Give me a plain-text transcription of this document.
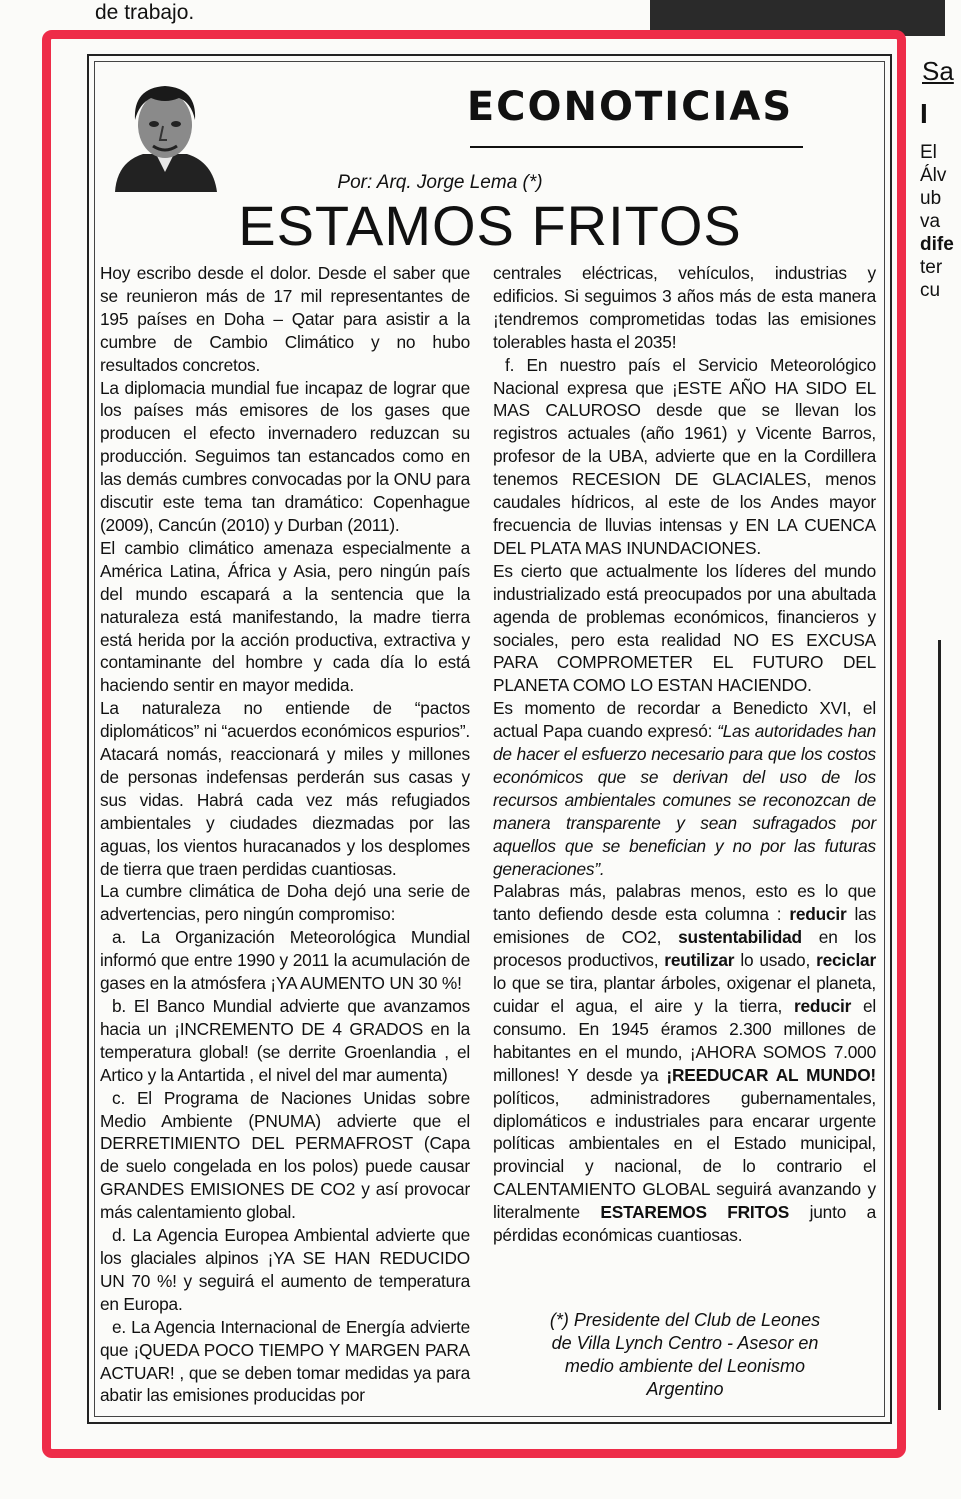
de trabajo.
Sa
I
El
Álv
ub
va
dife
ter
cu
ECONOTICIAS
Por: Arq. Jorge Lema (*)
ESTAMOS FRITOS

Hoy escribo desde el dolor. Desde el saber que se reunieron más de 17 mil representantes de 195 países en Doha – Qatar para asistir a la cumbre de Cambio Climático y no hubo resultados concretos.

La diplomacia mundial fue incapaz de lograr que los países más emisores de los gases que producen el efecto invernadero reduzcan su producción. Seguimos tan estancados como en las demás cumbres convocadas por la ONU para discutir este tema tan dramático: Copenhague (2009), Cancún (2010) y Durban (2011).

El cambio climático amenaza especialmente a América Latina, África y Asia, pero ningún país del mundo escapará a la sentencia que la naturaleza está manifestando, la madre tierra está herida por la acción productiva, extractiva y contaminante del hombre y cada día lo está haciendo sentir en mayor medida.

La naturaleza no entiende de “pactos diplomáticos” ni “acuerdos económicos espurios”. Atacará nomás, reaccionará y miles y millones de personas indefensas perderán sus casas y sus vidas. Habrá cada vez más refugiados ambientales y ciudades diezmadas por las aguas, los vientos huracanados y los desplomes de tierra que traen perdidas cuantiosas.

La cumbre climática de Doha dejó una serie de advertencias, pero ningún compromiso:

a. La Organización Meteorológica Mundial informó que entre 1990 y 2011 la acumulación de gases en la atmósfera ¡YA AUMENTO UN 30 %!

b. El Banco Mundial advierte que avanzamos hacia un ¡INCREMENTO DE 4 GRADOS en la temperatura global! (se derrite Groenlandia , el Artico y la Antartida , el nivel del mar aumenta)

c. El Programa de Naciones Unidas sobre Medio Ambiente (PNUMA) advierte que el DERRETIMIENTO DEL PERMAFROST (Capa de suelo congelada en los polos) puede causar GRANDES EMISIONES DE CO2 y así provocar más calentamiento global.

d. La Agencia Europea Ambiental advierte que los glaciales alpinos ¡YA SE HAN REDUCIDO UN 70 %! y seguirá el aumento de temperatura en Europa.

e. La Agencia Internacional de Energía advierte que ¡QUEDA POCO TIEMPO Y MARGEN PARA ACTUAR! , que se deben tomar medidas ya para abatir las emisiones producidas por

centrales eléctricas, vehículos, industrias y edificios. Si seguimos 3 años más de esta manera ¡tendremos comprometidas todas las emisiones tolerables hasta el 2035!

f. En nuestro país el Servicio Meteorológico Nacional expresa que ¡ESTE AÑO HA SIDO EL MAS CALUROSO desde que se llevan los registros actuales (año 1961) y Vicente Barros, profesor de la UBA, advierte que en la Cordillera tenemos RECESION DE GLACIALES, menos caudales hídricos, al este de los Andes mayor frecuencia de lluvias intensas y EN LA CUENCA DEL PLATA MAS INUNDACIONES.

Es cierto que actualmente los líderes del mundo industrializado está preocupados por una abultada agenda de problemas económicos, financieros y sociales, pero esta realidad NO ES EXCUSA PARA COMPROMETER EL FUTURO DEL PLANETA COMO LO ESTAN HACIENDO.

Es momento de recordar a Benedicto XVI, el actual Papa cuando expresó: “Las autoridades han de hacer el esfuerzo necesario para que los costos económicos que se derivan del uso de los recursos ambientales comunes se reconozcan de manera transparente y sean sufragados por aquellos que se benefician y no por las futuras generaciones”.

Palabras más, palabras menos, esto es lo que tanto defiendo desde esta columna : reducir las emisiones de CO2, sustentabilidad en los procesos productivos, reutilizar lo usado, reciclar lo que se tira, plantar árboles, oxigenar el planeta, cuidar el agua, el aire y la tierra, reducir el consumo. En 1945 éramos 2.300 millones de habitantes en el mundo, ¡AHORA SOMOS 7.000 millones! Y desde ya ¡REEDUCAR AL MUNDO! políticos, administradores gubernamentales, diplomáticos e industriales para encarar urgente políticas ambientales en el Estado municipal, provincial y nacional, de lo contrario el CALENTAMIENTO GLOBAL seguirá avanzando y literalmente ESTAREMOS FRITOS junto a pérdidas económicas cuantiosas.

(*) Presidente del Club de Leones de Villa Lynch Centro - Asesor en medio ambiente del Leonismo Argentino
